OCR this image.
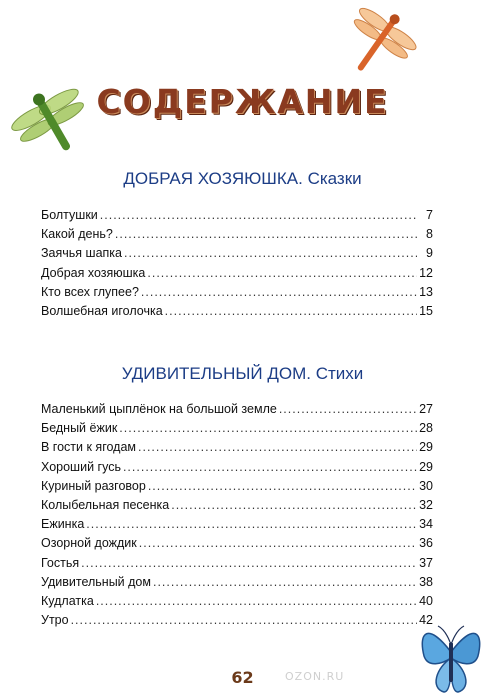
СОДЕРЖАНИЕ
ДОБРАЯ ХОЗЯЮШКА. Сказки
Болтушки .....	7
Какой день? .....	8
Заячья шапка .....	9
Добрая хозяюшка .....	12
Кто всех глупее? .....	13
Волшебная иголочка .....	15
УДИВИТЕЛЬНЫЙ ДОМ. Стихи
Маленький цыплёнок на большой земле .....	27
Бедный ёжик .....	28
В гости к ягодам .....	29
Хороший гусь .....	29
Куриный разговор .....	30
Колыбельная песенка .....	32
Ежинка .....	34
Озорной дождик .....	36
Гостья .....	37
Удивительный дом .....	38
Кудлатка .....	40
Утро .....	42
62	OZON.RU
